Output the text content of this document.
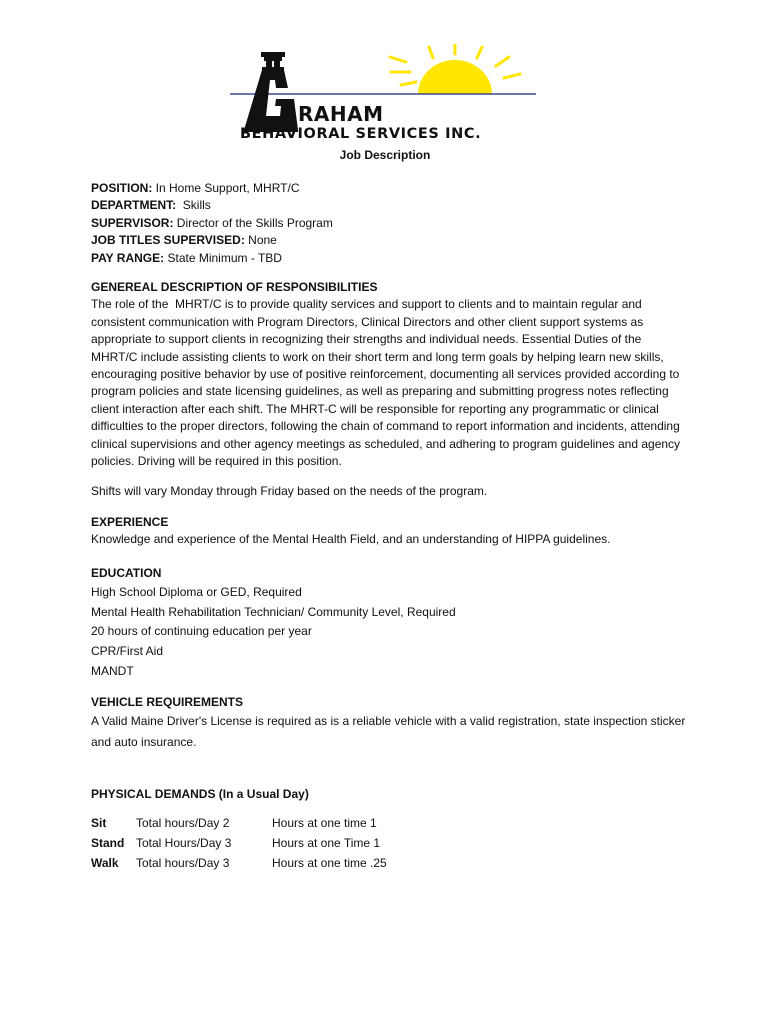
RAHAM
BEHAVIORAL SERVICES INC.
Job Description

POSITION: In Home Support, MHRT/C

DEPARTMENT:  Skills

SUPERVISOR: Director of the Skills Program

JOB TITLES SUPERVISED: None

PAY RANGE: State Minimum - TBD

GENEREAL DESCRIPTION OF RESPONSIBILITIES

The role of the  MHRT/C is to provide quality services and support to clients and to maintain regular and consistent communication with Program Directors, Clinical Directors and other client support systems as appropriate to support clients in recognizing their strengths and individual needs. Essential Duties of the MHRT/C include assisting clients to work on their short term and long term goals by helping learn new skills, encouraging positive behavior by use of positive reinforcement, documenting all services provided according to program policies and state licensing guidelines, as well as preparing and submitting progress notes reflecting client interaction after each shift. The MHRT-C will be responsible for reporting any programmatic or clinical difficulties to the proper directors, following the chain of command to report information and incidents, attending clinical supervisions and other agency meetings as scheduled, and adhering to program guidelines and agency policies. Driving will be required in this position.

Shifts will vary Monday through Friday based on the needs of the program.

EXPERIENCE

Knowledge and experience of the Mental Health Field, and an understanding of HIPPA guidelines.

EDUCATION

High School Diploma or GED, Required

Mental Health Rehabilitation Technician/ Community Level, Required

20 hours of continuing education per year

CPR/First Aid

MANDT

VEHICLE REQUIREMENTS

A Valid Maine Driver's License is required as is a reliable vehicle with a valid registration, state inspection sticker and auto insurance.

PHYSICAL DEMANDS (In a Usual Day)

Sit	Total hours/Day 2	Hours at one time 1
Stand	Total Hours/Day 3	Hours at one Time 1
Walk	Total hours/Day 3	Hours at one time .25
